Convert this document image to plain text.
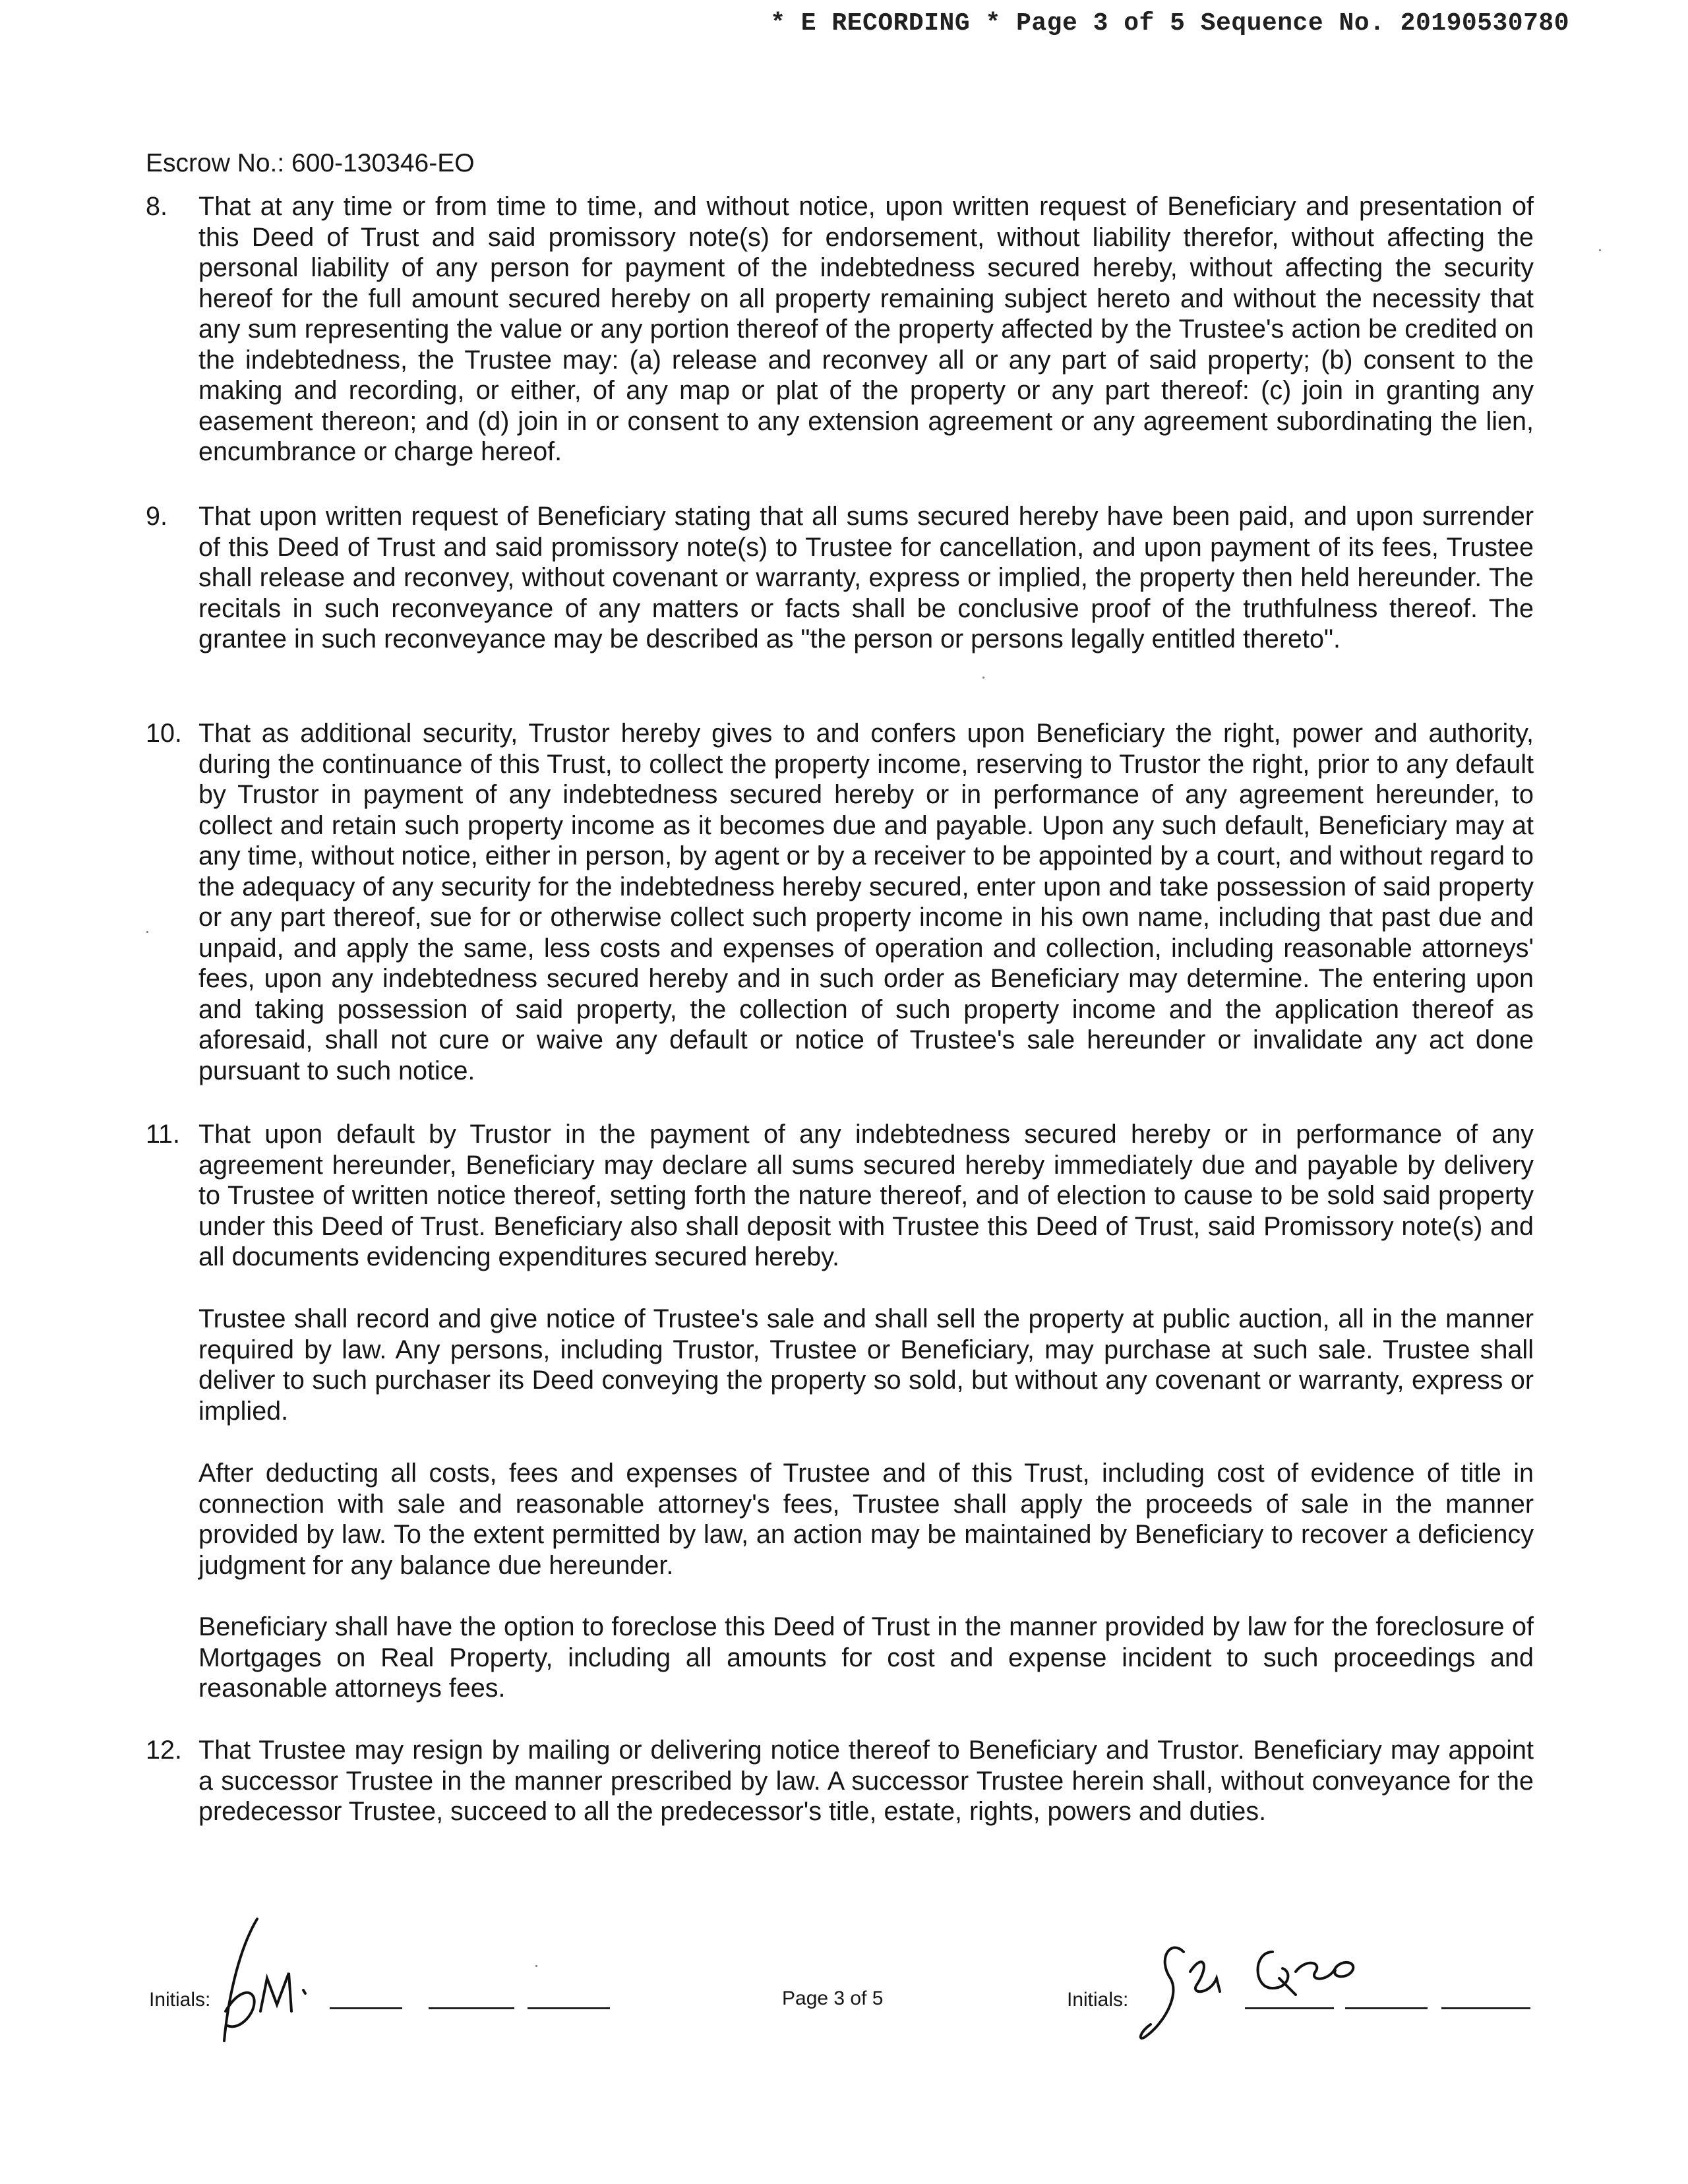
* E RECORDING * Page 3 of 5 Sequence No. 20190530780
Escrow No.: 600-130346-EO
8. That at any time or from time to time, and without notice, upon written request of Beneficiary and presentation of this Deed of Trust and said promissory note(s) for endorsement, without liability therefor, without affecting the personal liability of any person for payment of the indebtedness secured hereby, without affecting the security hereof for the full amount secured hereby on all property remaining subject hereto and without the necessity that any sum representing the value or any portion thereof of the property affected by the Trustee's action be credited on the indebtedness, the Trustee may: (a) release and reconvey all or any part of said property; (b) consent to the making and recording, or either, of any map or plat of the property or any part thereof: (c) join in granting any easement thereon; and (d) join in or consent to any extension agreement or any agreement subordinating the lien, encumbrance or charge hereof.
9. That upon written request of Beneficiary stating that all sums secured hereby have been paid, and upon surrender of this Deed of Trust and said promissory note(s) to Trustee for cancellation, and upon payment of its fees, Trustee shall release and reconvey, without covenant or warranty, express or implied, the property then held hereunder. The recitals in such reconveyance of any matters or facts shall be conclusive proof of the truthfulness thereof. The grantee in such reconveyance may be described as "the person or persons legally entitled thereto".
10. That as additional security, Trustor hereby gives to and confers upon Beneficiary the right, power and authority, during the continuance of this Trust, to collect the property income, reserving to Trustor the right, prior to any default by Trustor in payment of any indebtedness secured hereby or in performance of any agreement hereunder, to collect and retain such property income as it becomes due and payable. Upon any such default, Beneficiary may at any time, without notice, either in person, by agent or by a receiver to be appointed by a court, and without regard to the adequacy of any security for the indebtedness hereby secured, enter upon and take possession of said property or any part thereof, sue for or otherwise collect such property income in his own name, including that past due and unpaid, and apply the same, less costs and expenses of operation and collection, including reasonable attorneys' fees, upon any indebtedness secured hereby and in such order as Beneficiary may determine. The entering upon and taking possession of said property, the collection of such property income and the application thereof as aforesaid, shall not cure or waive any default or notice of Trustee's sale hereunder or invalidate any act done pursuant to such notice.
11. That upon default by Trustor in the payment of any indebtedness secured hereby or in performance of any agreement hereunder, Beneficiary may declare all sums secured hereby immediately due and payable by delivery to Trustee of written notice thereof, setting forth the nature thereof, and of election to cause to be sold said property under this Deed of Trust. Beneficiary also shall deposit with Trustee this Deed of Trust, said Promissory note(s) and all documents evidencing expenditures secured hereby.
Trustee shall record and give notice of Trustee's sale and shall sell the property at public auction, all in the manner required by law. Any persons, including Trustor, Trustee or Beneficiary, may purchase at such sale. Trustee shall deliver to such purchaser its Deed conveying the property so sold, but without any covenant or warranty, express or implied.
After deducting all costs, fees and expenses of Trustee and of this Trust, including cost of evidence of title in connection with sale and reasonable attorney's fees, Trustee shall apply the proceeds of sale in the manner provided by law. To the extent permitted by law, an action may be maintained by Beneficiary to recover a deficiency judgment for any balance due hereunder.
Beneficiary shall have the option to foreclose this Deed of Trust in the manner provided by law for the foreclosure of Mortgages on Real Property, including all amounts for cost and expense incident to such proceedings and reasonable attorneys fees.
12. That Trustee may resign by mailing or delivering notice thereof to Beneficiary and Trustor. Beneficiary may appoint a successor Trustee in the manner prescribed by law. A successor Trustee herein shall, without conveyance for the predecessor Trustee, succeed to all the predecessor's title, estate, rights, powers and duties.
Initials:	Page 3 of 5	Initials:
